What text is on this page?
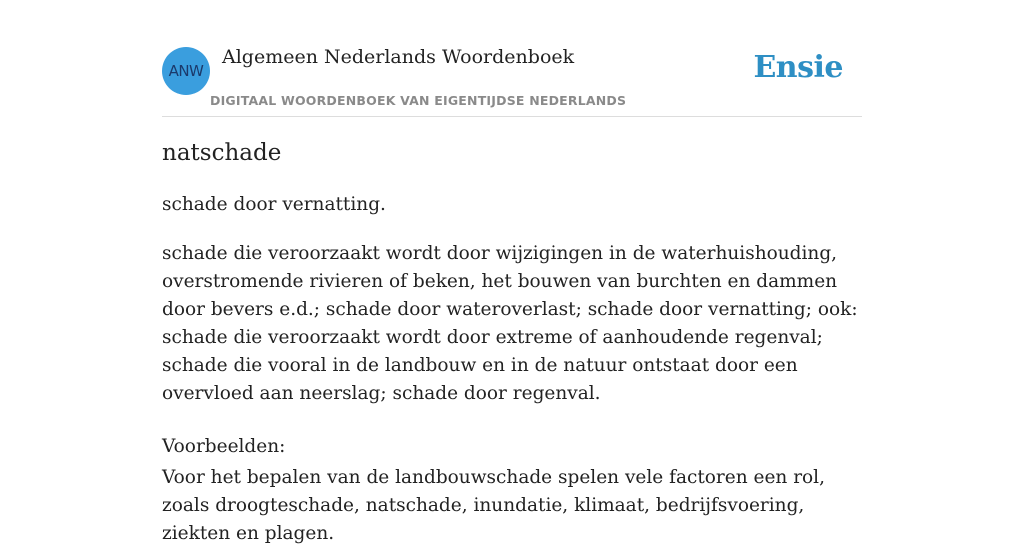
ANW
Algemeen Nederlands Woordenboek
DIGITAAL WOORDENBOEK VAN EIGENTIJDSE NEDERLANDS
Ensie
natschade

schade door vernatting.

schade die veroorzaakt wordt door wijzigingen in de waterhuishouding, overstromende rivieren of beken, het bouwen van burchten en dammen door bevers e.d.; schade door wateroverlast; schade door vernatting; ook: schade die veroorzaakt wordt door extreme of aanhoudende regenval; schade die vooral in de landbouw en in de natuur ontstaat door een overvloed aan neerslag; schade door regenval.

Voorbeelden:

Voor het bepalen van de landbouwschade spelen vele factoren een rol, zoals droogteschade, natschade, inundatie, klimaat, bedrijfsvoering, ziekten en plagen.
